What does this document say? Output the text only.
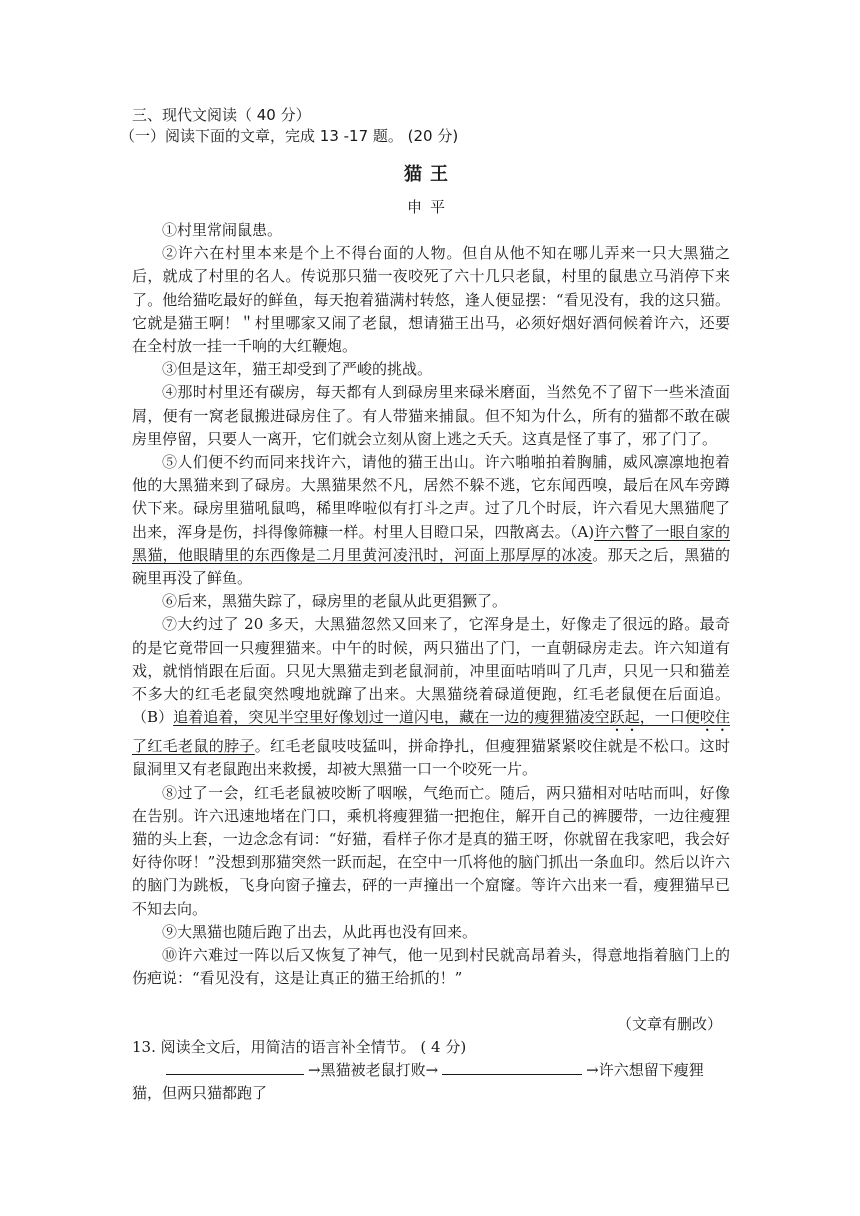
三、现代文阅读（ 40 分）

（一）阅读下面的文章，完成 13 -17 题。 (20 分)

猫王

申平

①村里常闹鼠患。

②许六在村里本来是个上不得台面的人物。但自从他不知在哪儿弄来一只大黑猫之后，就成了村里的名人。传说那只猫一夜咬死了六十几只老鼠，村里的鼠患立马消停下来了。他给猫吃最好的鲜鱼，每天抱着猫满村转悠，逢人便显摆：“看见没有，我的这只猫。它就是猫王啊！＂村里哪家又闹了老鼠，想请猫王出马，必须好烟好酒伺候着许六，还要在全村放一挂一千响的大红鞭炮。

③但是这年，猫王却受到了严峻的挑战。

④那时村里还有碳房，每天都有人到碌房里来碌米磨面，当然免不了留下一些米渣面屑，便有一窝老鼠搬进碌房住了。有人带猫来捕鼠。但不知为什么，所有的猫都不敢在碳房里停留，只要人一离开，它们就会立刻从窗上逃之夭夭。这真是怪了事了，邪了门了。

⑤人们便不约而同来找许六，请他的猫王出山。许六啪啪拍着胸脯，威风凛凛地抱着他的大黑猫来到了碌房。大黑猫果然不凡，居然不躲不逃，它东闻西嗅，最后在风车旁蹲伏下来。碌房里猫吼鼠鸣，稀里哗啦似有打斗之声。过了几个时辰，许六看见大黑猫爬了出来，浑身是伤，抖得像筛糠一样。村里人目瞪口呆，四散离去。（A)许六瞥了一眼自家的黑猫，他眼睛里的东西像是二月里黄河凌汛时，河面上那厚厚的冰凌。那天之后，黑猫的碗里再没了鲜鱼。

⑥后来，黑猫失踪了，碌房里的老鼠从此更猖獗了。

⑦大约过了 20 多天，大黑猫忽然又回来了，它浑身是土，好像走了很远的路。最奇的是它竟带回一只瘦狸猫来。中午的时候，两只猫出了门，一直朝碌房走去。许六知道有戏，就悄悄跟在后面。只见大黑猫走到老鼠洞前，冲里面咕哨叫了几声，只见一只和猫差不多大的红毛老鼠突然嗖地就蹿了出来。大黑猫绕着碌道便跑，红毛老鼠便在后面追。 （B）追着追着，突见半空里好像划过一道闪电，藏在一边的瘦狸猫凌空跃起，一口便咬住了红毛老鼠的脖子。红毛老鼠吱吱猛叫，拼命挣扎，但瘦狸猫紧紧咬住就是不松口。这时鼠洞里又有老鼠跑出来救援，却被大黑猫一口一个咬死一片。

⑧过了一会，红毛老鼠被咬断了咽喉，气绝而亡。随后，两只猫相对咕咕而叫，好像在告别。许六迅速地堵在门口，乘机将瘦狸猫一把抱住，解开自己的裤腰带，一边往瘦狸猫的头上套，一边念念有词：“好猫，看样子你才是真的猫王呀，你就留在我家吧，我会好好待你呀！”没想到那猫突然一跃而起，在空中一爪将他的脑门抓出一条血印。然后以许六的脑门为跳板，飞身向窗子撞去，砰的一声撞出一个窟窿。等许六出来一看，瘦狸猫早已不知去向。

⑨大黑猫也随后跑了出去，从此再也没有回来。

⑩许六难过一阵以后又恢复了神气，他一见到村民就高昂着头，得意地指着脑门上的伤疤说：“看见没有，这是让真正的猫王给抓的！”

（文章有删改）

13. 阅读全文后，用简洁的语言补全情节。 ( 4 分)

→黑猫被老鼠打败→	→许六想留下瘦狸猫，但两只猫都跑了
